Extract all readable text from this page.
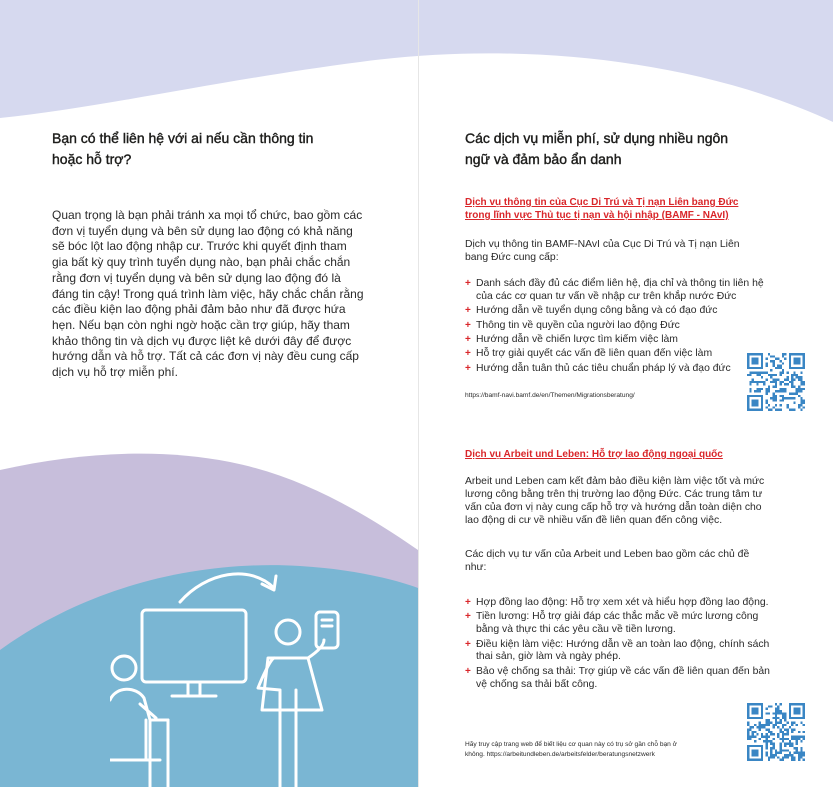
Bạn có thể liên hệ với ai nếu cần thông tin
hoặc hỗ trợ?

Quan trọng là bạn phải tránh xa mọi tổ chức, bao gồm các
đơn vị tuyển dụng và bên sử dụng lao động có khả năng
sẽ bóc lột lao động nhập cư. Trước khi quyết định tham
gia bất kỳ quy trình tuyển dụng nào, bạn phải chắc chắn
rằng đơn vị tuyển dụng và bên sử dụng lao động đó là
đáng tin cậy! Trong quá trình làm việc, hãy chắc chắn rằng
các điều kiện lao động phải đảm bảo như đã được hứa
hẹn. Nếu bạn còn nghi ngờ hoặc cần trợ giúp, hãy tham
khảo thông tin và dịch vụ được liệt kê dưới đây để được
hướng dẫn và hỗ trợ. Tất cả các đơn vị này đều cung cấp
dịch vụ hỗ trợ miễn phí.

Các dịch vụ miễn phí, sử dụng nhiều ngôn
ngữ và đảm bảo ẩn danh
Dịch vụ thông tin của Cục Di Trú và Tị nạn Liên bang Đức
trong lĩnh vực Thủ tục tị nạn và hội nhập (BAMF - NAvI)
Dịch vụ thông tin BAMF-NAvI của Cục Di Trú và Tị nạn Liên
bang Đức cung cấp:
+ Danh sách đầy đủ các điểm liên hệ, địa chỉ và thông tin liên hệ của các cơ quan tư vấn về nhập cư trên khắp nước Đức
+ Hướng dẫn về tuyển dụng công bằng và có đạo đức
+ Thông tin về quyền của người lao động Đức
+ Hướng dẫn về chiến lược tìm kiếm việc làm
+ Hỗ trợ giải quyết các vấn đề liên quan đến việc làm
+ Hướng dẫn tuân thủ các tiêu chuẩn pháp lý và đạo đức
https://bamf-navi.bamf.de/en/Themen/Migrationsberatung/
Dịch vụ Arbeit und Leben: Hỗ trợ lao động ngoại quốc
Arbeit und Leben cam kết đảm bảo điều kiện làm việc tốt và mức
lương công bằng trên thị trường lao động Đức. Các trung tâm tư
vấn của đơn vị này cung cấp hỗ trợ và hướng dẫn toàn diện cho
lao động di cư về nhiều vấn đề liên quan đến công việc.
Các dịch vụ tư vấn của Arbeit und Leben bao gồm các chủ đề
như:
+ Hợp đồng lao động: Hỗ trợ xem xét và hiểu hợp đồng lao động.
+ Tiền lương: Hỗ trợ giải đáp các thắc mắc về mức lương công bằng và thực thi các yêu cầu về tiền lương.
+ Điều kiện làm việc: Hướng dẫn về an toàn lao động, chính sách thai sản, giờ làm và ngày phép.
+ Bảo vệ chống sa thải: Trợ giúp về các vấn đề liên quan đến bản vệ chống sa thải bất công.
Hãy truy cập trang web để biết liệu cơ quan này có trụ sở gần chỗ bạn ở
không. https://arbeitundleben.de/arbeitsfelder/beratungsnetzwerk
